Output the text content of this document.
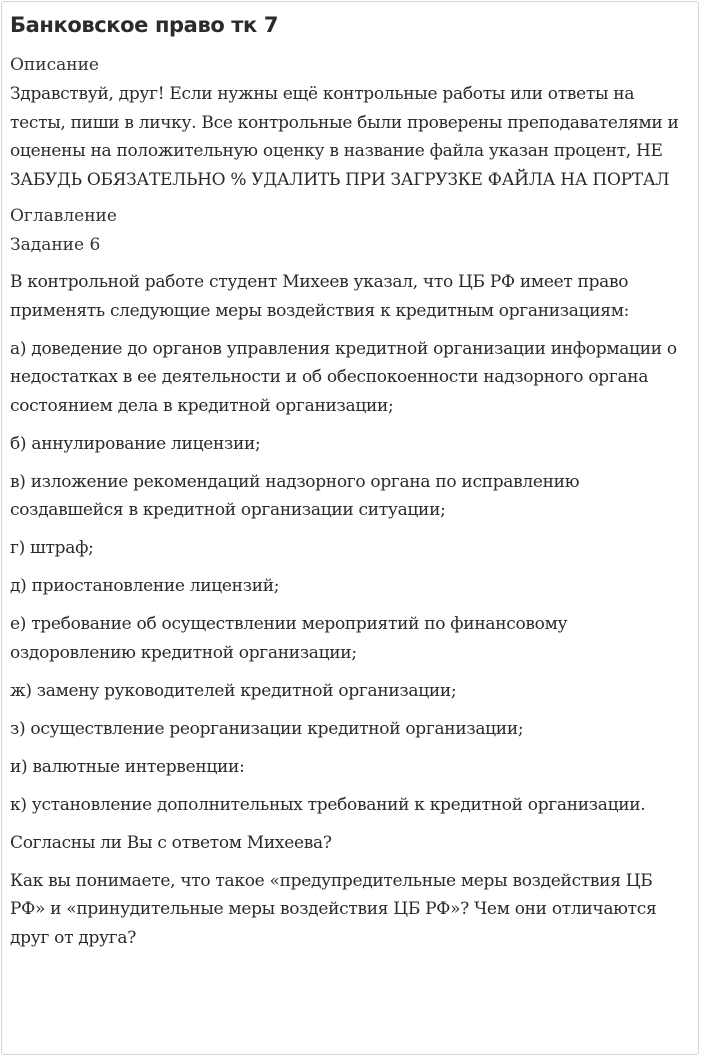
Банковское право тк 7
Описание
Здравствуй, друг! Если нужны ещё контрольные работы или ответы на тесты, пиши в личку. Все контрольные были проверены преподавателями и оценены на положительную оценку в название файла указан процент, НЕ ЗАБУДЬ ОБЯЗАТЕЛЬНО % УДАЛИТЬ ПРИ ЗАГРУЗКЕ ФАЙЛА НА ПОРТАЛ
Оглавление
Задание 6
В контрольной работе студент Михеев указал, что ЦБ РФ имеет право применять следующие меры воздействия к кредитным организациям:
а) доведение до органов управления кредитной организации информации о недостатках в ее деятельности и об обеспокоенности надзорного органа состоянием дела в кредитной организации;
б) аннулирование лицензии;
в) изложение рекомендаций надзорного органа по исправлению создавшейся в кредитной организации ситуации;
г) штраф;
д) приостановление лицензий;
е) требование об осуществлении мероприятий по финансовому оздоровлению кредитной организации;
ж) замену руководителей кредитной организации;
з) осуществление реорганизации кредитной организации;
и) валютные интервенции:
к) установление дополнительных требований к кредитной организации.
Согласны ли Вы с ответом Михеева?
Как вы понимаете, что такое «предупредительные меры воздействия ЦБ РФ» и «принудительные меры воздействия ЦБ РФ»? Чем они отличаются друг от друга?
